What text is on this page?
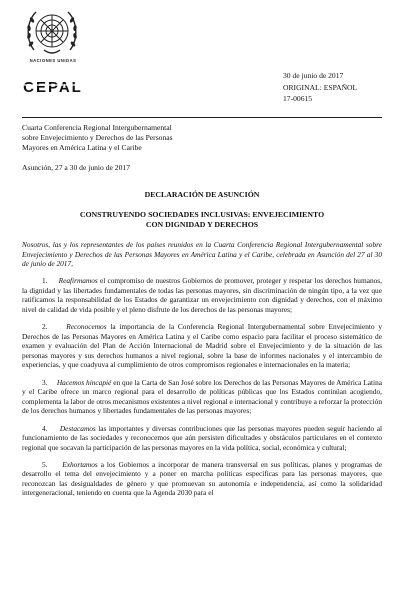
NACIONES UNIDAS
CEPAL
30 de junio de 2017
ORIGINAL: ESPAÑOL
17-00615
Cuarta Conferencia Regional Intergubernamental
sobre Envejecimiento y Derechos de las Personas
Mayores en América Latina y el Caribe
Asunción, 27 a 30 de junio de 2017
DECLARACIÓN DE ASUNCIÓN
CONSTRUYENDO SOCIEDADES INCLUSIVAS: ENVEJECIMIENTO
CON DIGNIDAD Y DERECHOS

Nosotros, las y los representantes de los países reunidos en la Cuarta Conferencia Regional Intergubernamental sobre Envejecimiento y Derechos de las Personas Mayores en América Latina y el Caribe, celebrada en Asunción del 27 al 30 de junio de 2017,

1. Reafirmamos el compromiso de nuestros Gobiernos de promover, proteger y respetar los derechos humanos, la dignidad y las libertades fundamentales de todas las personas mayores, sin discriminación de ningún tipo, a la vez que ratificamos la responsabilidad de los Estados de garantizar un envejecimiento con dignidad y derechos, con el máximo nivel de calidad de vida posible y el pleno disfrute de los derechos de las personas mayores;

2.	Reconocemos la importancia de la Conferencia Regional Intergubernamental sobre Envejecimiento y Derechos de las Personas Mayores en América Latina y el Caribe como espacio para facilitar el proceso sistemático de examen y evaluación del Plan de Acción Internacional de Madrid sobre el Envejecimiento y de la situación de las personas mayores y sus derechos humanos a nivel regional, sobre la base de informes nacionales y el intercambio de experiencias, y que coadyuva al cumplimiento de otros compromisos regionales e internacionales en la materia;

3. Hacemos hincapié en que la Carta de San José sobre los Derechos de las Personas Mayores de América Latina y el Caribe ofrece un marco regional para el desarrollo de políticas públicas que los Estados continúan acogiendo, complementa la labor de otros mecanismos existentes a nivel regional e internacional y contribuye a reforzar la protección de los derechos humanos y libertades fundamentales de las personas mayores;

4. Destacamos las importantes y diversas contribuciones que las personas mayores pueden seguir haciendo al funcionamiento de las sociedades y reconocemos que aún persisten dificultades y obstáculos particulares en el contexto regional que socavan la participación de las personas mayores en la vida política, social, económica y cultural;

5. Exhortamos a los Gobiernos a incorporar de manera transversal en sus políticas, planes y programas de desarrollo el tema del envejecimiento y a poner en marcha políticas específicas para las personas mayores, que reconozcan las desigualdades de género y que promuevan su autonomía e independencia, así como la solidaridad intergeneracional, teniendo en cuenta que la Agenda 2030 para el
